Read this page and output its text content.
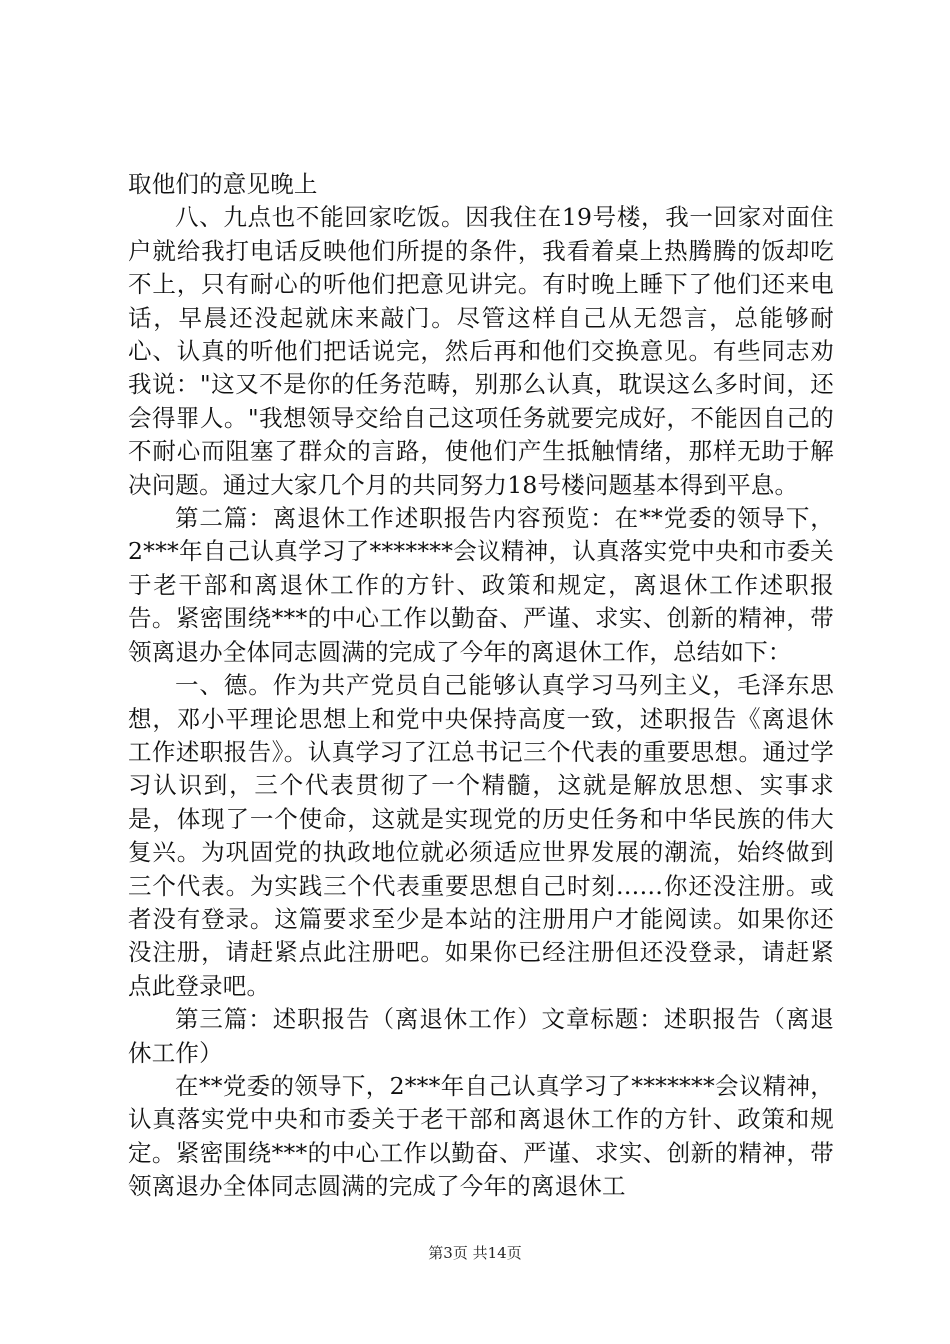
取他们的意见晚上

八、九点也不能回家吃饭。因我住在19号楼，我一回家对面住户就给我打电话反映他们所提的条件，我看着桌上热腾腾的饭却吃不上，只有耐心的听他们把意见讲完。有时晚上睡下了他们还来电话，早晨还没起就床来敲门。尽管这样自己从无怨言，总能够耐心、认真的听他们把话说完，然后再和他们交换意见。有些同志劝我说："这又不是你的任务范畴，别那么认真，耽误这么多时间，还会得罪人。"我想领导交给自己这项任务就要完成好，不能因自己的不耐心而阻塞了群众的言路，使他们产生抵触情绪，那样无助于解决问题。通过大家几个月的共同努力18号楼问题基本得到平息。

第二篇：离退休工作述职报告内容预览：在**党委的领导下，2***年自己认真学习了*******会议精神，认真落实党中央和市委关于老干部和离退休工作的方针、政策和规定，离退休工作述职报告。紧密围绕***的中心工作以勤奋、严谨、求实、创新的精神，带领离退办全体同志圆满的完成了今年的离退休工作，总结如下：

一、德。作为共产党员自己能够认真学习马列主义，毛泽东思想，邓小平理论思想上和党中央保持高度一致，述职报告《离退休工作述职报告》。认真学习了江总书记三个代表的重要思想。通过学习认识到，三个代表贯彻了一个精髓，这就是解放思想、实事求是，体现了一个使命，这就是实现党的历史任务和中华民族的伟大复兴。为巩固党的执政地位就必须适应世界发展的潮流，始终做到三个代表。为实践三个代表重要思想自己时刻……你还没注册。或者没有登录。这篇要求至少是本站的注册用户才能阅读。如果你还没注册，请赶紧点此注册吧。如果你已经注册但还没登录，请赶紧点此登录吧。

第三篇：述职报告（离退休工作）文章标题：述职报告（离退休工作）

在**党委的领导下，2***年自己认真学习了*******会议精神，认真落实党中央和市委关于老干部和离退休工作的方针、政策和规定。紧密围绕***的中心工作以勤奋、严谨、求实、创新的精神，带领离退办全体同志圆满的完成了今年的离退休工

第3页 共14页
